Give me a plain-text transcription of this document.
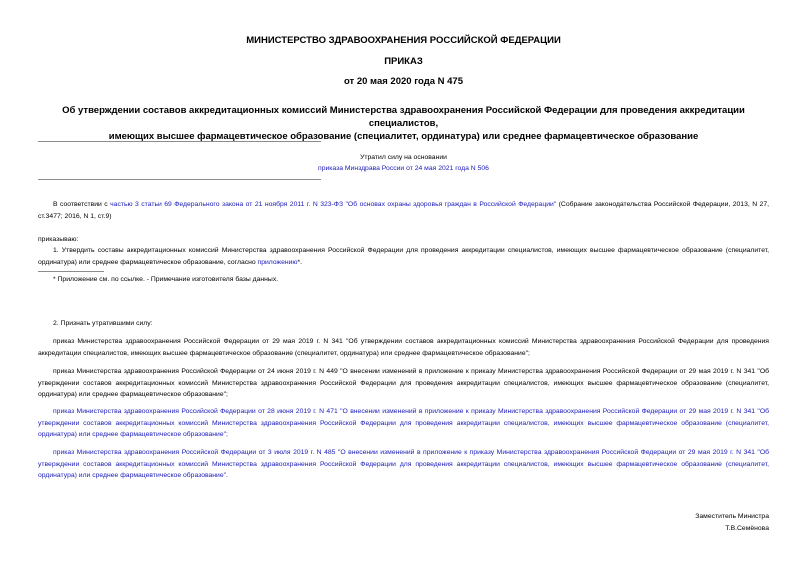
МИНИСТЕРСТВО ЗДРАВООХРАНЕНИЯ РОССИЙСКОЙ ФЕДЕРАЦИИ
ПРИКАЗ
от 20 мая 2020 года N 475
Об утверждении составов аккредитационных комиссий Министерства здравоохранения Российской Федерации для проведения аккредитации специалистов,
имеющих высшее фармацевтическое образование (специалитет, ординатура) или среднее фармацевтическое образование
Утратил силу на основании
приказа Минздрава России от 24 мая 2021 года N 506
В соответствии с частью 3 статьи 69 Федерального закона от 21 ноября 2011 г. N 323-ФЗ "Об основах охраны здоровья граждан в Российской Федерации" (Собрание законодательства Российской Федерации, 2013, N 27, ст.3477; 2016, N 1, ст.9)
приказываю:
1. Утвердить составы аккредитационных комиссий Министерства здравоохранения Российской Федерации для проведения аккредитации специалистов, имеющих высшее фармацевтическое образование (специалитет, ординатура) или среднее фармацевтическое образование, согласно приложению*.
* Приложение см. по ссылке. - Примечание изготовителя базы данных.
2. Признать утратившими силу:
приказ Министерства здравоохранения Российской Федерации от 29 мая 2019 г. N 341 "Об утверждении составов аккредитационных комиссий Министерства здравоохранения Российской Федерации для проведения аккредитации специалистов, имеющих высшее фармацевтическое образование (специалитет, ординатура) или среднее фармацевтическое образование";
приказ Министерства здравоохранения Российской Федерации от 24 июня 2019 г. N 449 "О внесении изменений в приложение к приказу Министерства здравоохранения Российской Федерации от 29 мая 2019 г. N 341 "Об утверждении составов аккредитационных комиссий Министерства здравоохранения Российской Федерации для проведения аккредитации специалистов, имеющих высшее фармацевтическое образование (специалитет, ординатура) или среднее фармацевтическое образование";
приказ Министерства здравоохранения Российской Федерации от 28 июня 2019 г. N 471 "О внесении изменений в приложение к приказу Министерства здравоохранения Российской Федерации от 29 мая 2019 г. N 341 "Об утверждении составов аккредитационных комиссий Министерства здравоохранения Российской Федерации для проведения аккредитации специалистов, имеющих высшее фармацевтическое образование (специалитет, ординатура) или среднее фармацевтическое образование";
приказ Министерства здравоохранения Российской Федерации от 3 июля 2019 г. N 485 "О внесении изменений в приложение к приказу Министерства здравоохранения Российской Федерации от 29 мая 2019 г. N 341 "Об утверждении составов аккредитационных комиссий Министерства здравоохранения Российской Федерации для проведения аккредитации специалистов, имеющих высшее фармацевтическое образование (специалитет, ординатура) или среднее фармацевтическое образование".
Заместитель Министра
Т.В.Семёнова
